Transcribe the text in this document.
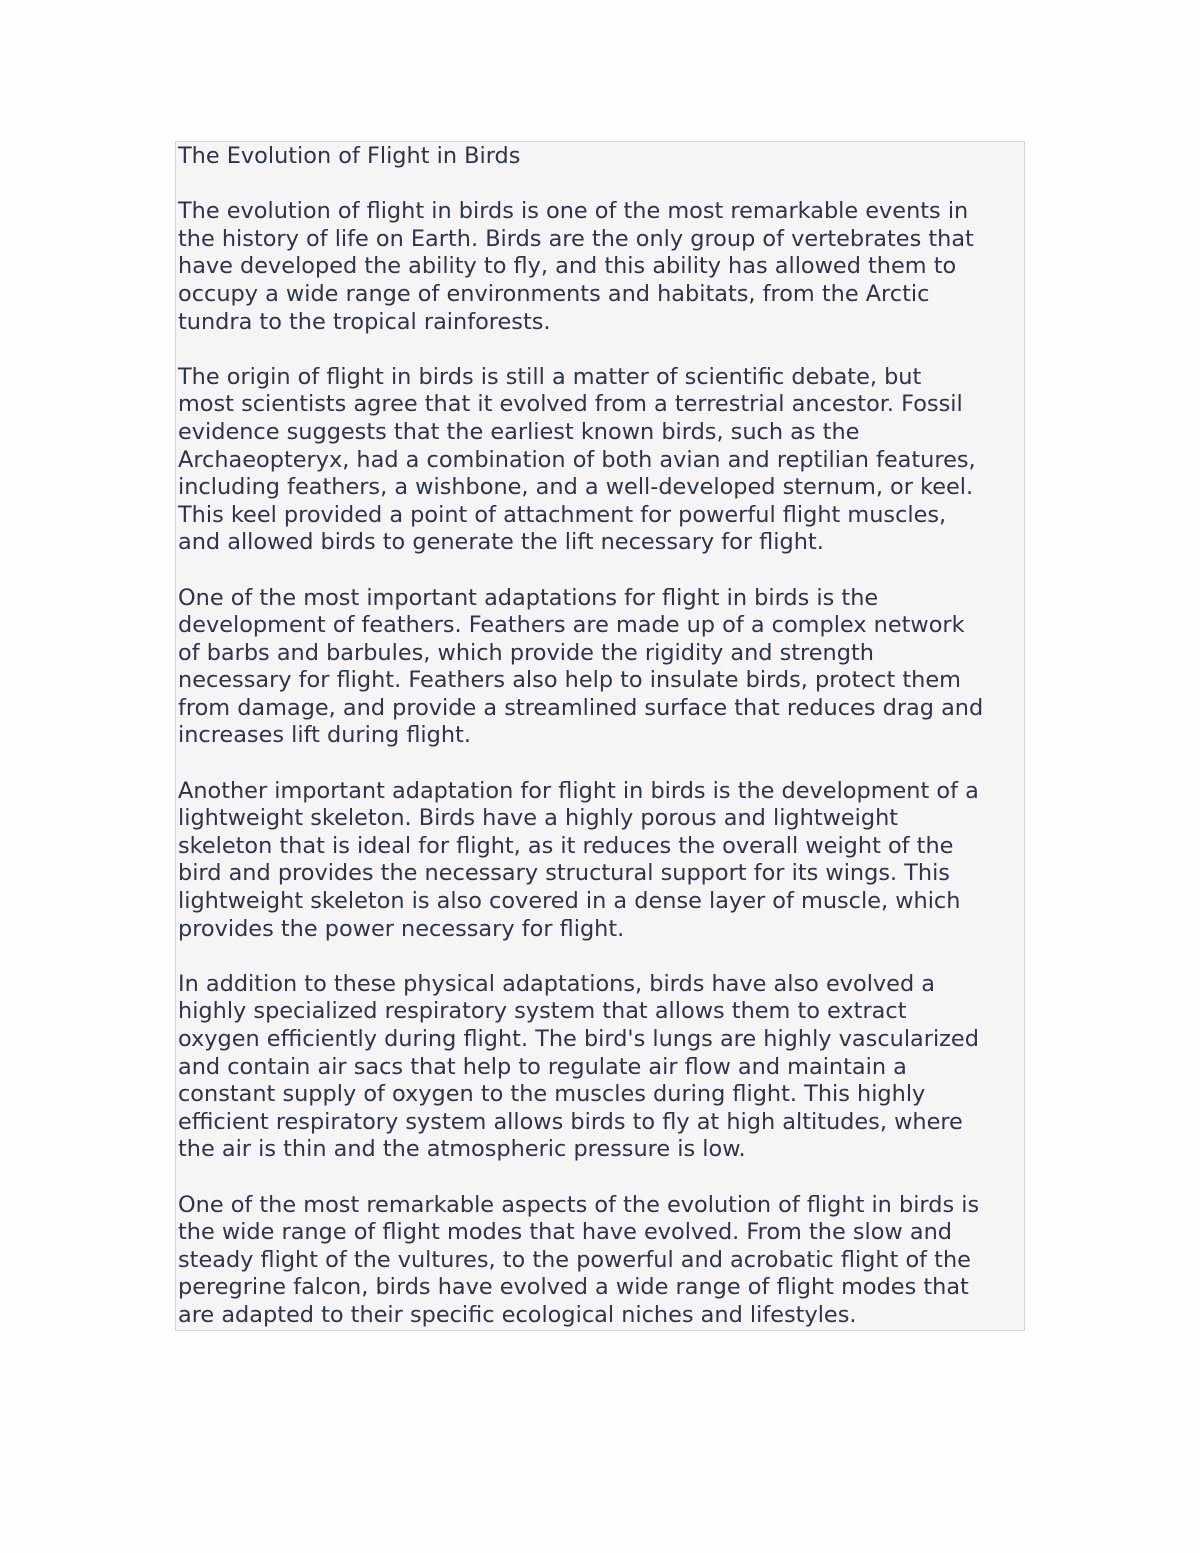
The Evolution of Flight in Birds
The evolution of flight in birds is one of the most remarkable events in
the history of life on Earth. Birds are the only group of vertebrates that
have developed the ability to fly, and this ability has allowed them to
occupy a wide range of environments and habitats, from the Arctic
tundra to the tropical rainforests.
The origin of flight in birds is still a matter of scientific debate, but
most scientists agree that it evolved from a terrestrial ancestor. Fossil
evidence suggests that the earliest known birds, such as the
Archaeopteryx, had a combination of both avian and reptilian features,
including feathers, a wishbone, and a well-developed sternum, or keel.
This keel provided a point of attachment for powerful flight muscles,
and allowed birds to generate the lift necessary for flight.
One of the most important adaptations for flight in birds is the
development of feathers. Feathers are made up of a complex network
of barbs and barbules, which provide the rigidity and strength
necessary for flight. Feathers also help to insulate birds, protect them
from damage, and provide a streamlined surface that reduces drag and
increases lift during flight.
Another important adaptation for flight in birds is the development of a
lightweight skeleton. Birds have a highly porous and lightweight
skeleton that is ideal for flight, as it reduces the overall weight of the
bird and provides the necessary structural support for its wings. This
lightweight skeleton is also covered in a dense layer of muscle, which
provides the power necessary for flight.
In addition to these physical adaptations, birds have also evolved a
highly specialized respiratory system that allows them to extract
oxygen efficiently during flight. The bird's lungs are highly vascularized
and contain air sacs that help to regulate air flow and maintain a
constant supply of oxygen to the muscles during flight. This highly
efficient respiratory system allows birds to fly at high altitudes, where
the air is thin and the atmospheric pressure is low.
One of the most remarkable aspects of the evolution of flight in birds is
the wide range of flight modes that have evolved. From the slow and
steady flight of the vultures, to the powerful and acrobatic flight of the
peregrine falcon, birds have evolved a wide range of flight modes that
are adapted to their specific ecological niches and lifestyles.
